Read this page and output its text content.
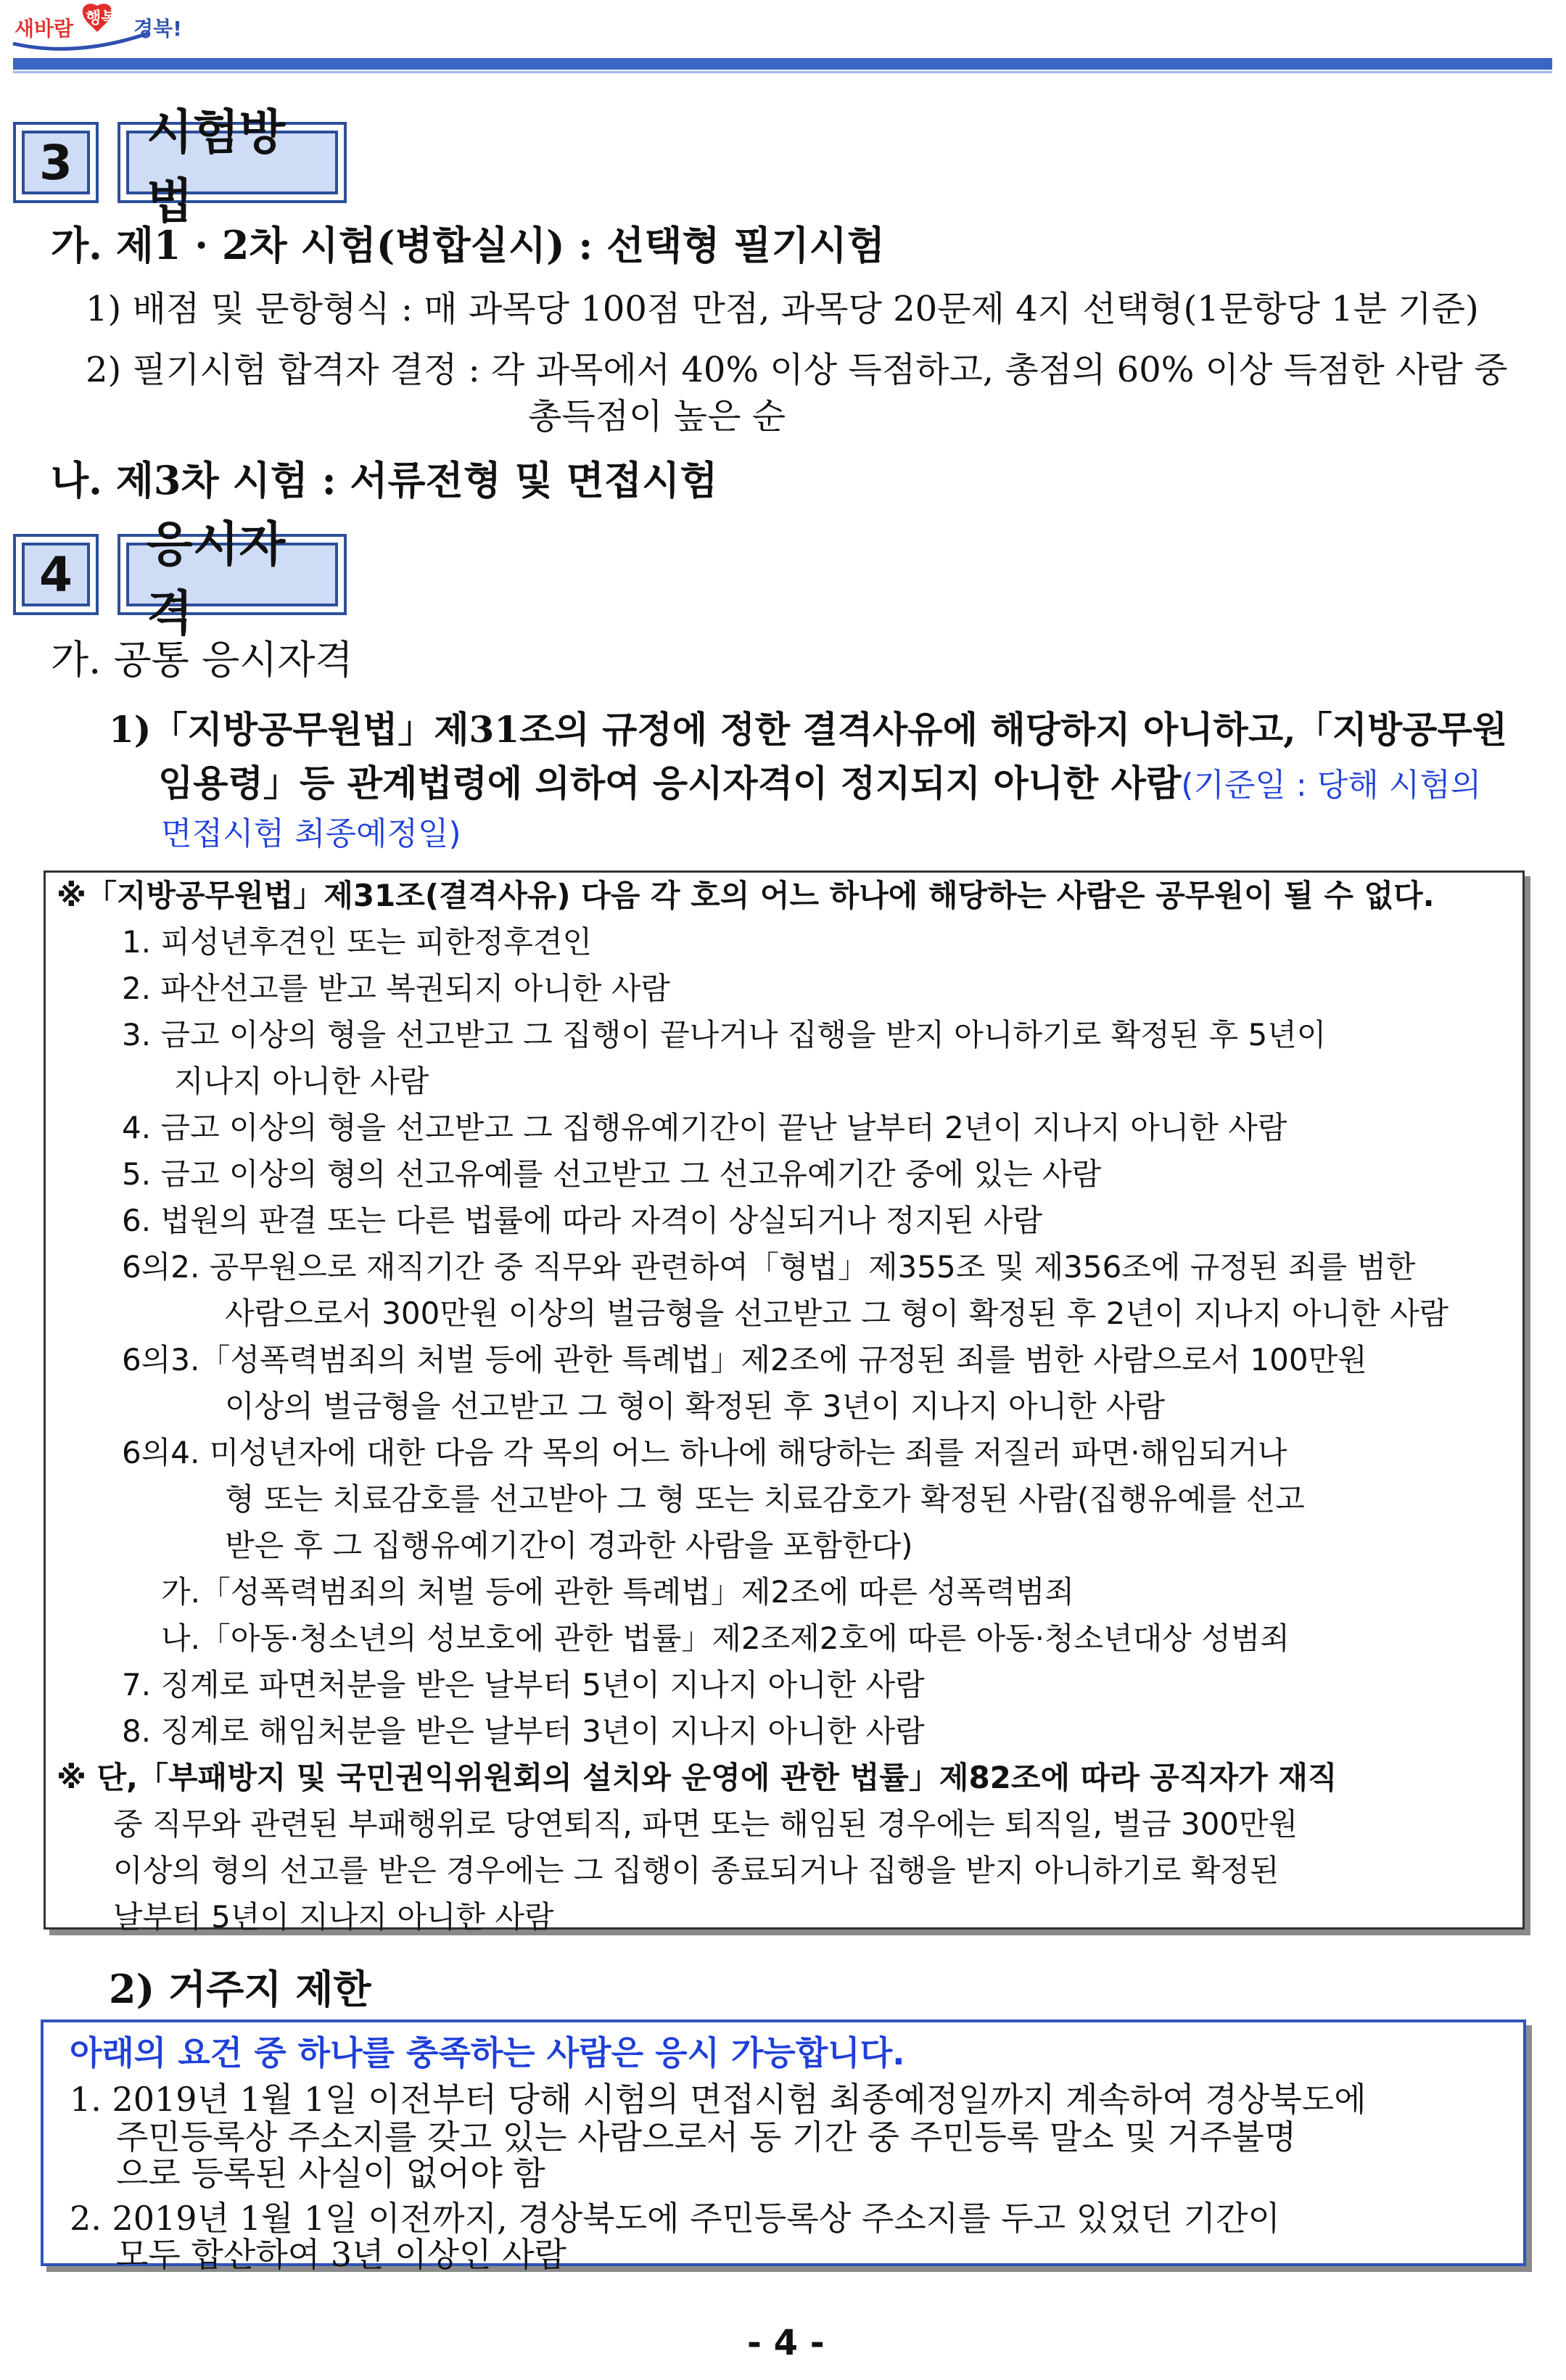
새바람 행복 경북!
3
시험방법
가. 제1 · 2차 시험(병합실시) : 선택형 필기시험
1) 배점 및 문항형식 : 매 과목당 100점 만점, 과목당 20문제 4지 선택형(1문항당 1분 기준)
2) 필기시험 합격자 결정 : 각 과목에서 40% 이상 득점하고, 총점의 60% 이상 득점한 사람 중
총득점이 높은 순
나. 제3차 시험 : 서류전형 및 면접시험
4
응시자격
가. 공통 응시자격
1)「지방공무원법」제31조의 규정에 정한 결격사유에 해당하지 아니하고,「지방공무원
임용령」등 관계법령에 의하여 응시자격이 정지되지 아니한 사람(기준일 : 당해 시험의
면접시험 최종예정일)
※「지방공무원법」제31조(결격사유) 다음 각 호의 어느 하나에 해당하는 사람은 공무원이 될 수 없다.
1. 피성년후견인 또는 피한정후견인
2. 파산선고를 받고 복권되지 아니한 사람
3. 금고 이상의 형을 선고받고 그 집행이 끝나거나 집행을 받지 아니하기로 확정된 후 5년이
지나지 아니한 사람
4. 금고 이상의 형을 선고받고 그 집행유예기간이 끝난 날부터 2년이 지나지 아니한 사람
5. 금고 이상의 형의 선고유예를 선고받고 그 선고유예기간 중에 있는 사람
6. 법원의 판결 또는 다른 법률에 따라 자격이 상실되거나 정지된 사람
6의2. 공무원으로 재직기간 중 직무와 관련하여「형법」제355조 및 제356조에 규정된 죄를 범한
사람으로서 300만원 이상의 벌금형을 선고받고 그 형이 확정된 후 2년이 지나지 아니한 사람
6의3.「성폭력범죄의 처벌 등에 관한 특례법」제2조에 규정된 죄를 범한 사람으로서 100만원
이상의 벌금형을 선고받고 그 형이 확정된 후 3년이 지나지 아니한 사람
6의4. 미성년자에 대한 다음 각 목의 어느 하나에 해당하는 죄를 저질러 파면·해임되거나
형 또는 치료감호를 선고받아 그 형 또는 치료감호가 확정된 사람(집행유예를 선고
받은 후 그 집행유예기간이 경과한 사람을 포함한다)
가.「성폭력범죄의 처벌 등에 관한 특례법」제2조에 따른 성폭력범죄
나.「아동·청소년의 성보호에 관한 법률」제2조제2호에 따른 아동·청소년대상 성범죄
7. 징계로 파면처분을 받은 날부터 5년이 지나지 아니한 사람
8. 징계로 해임처분을 받은 날부터 3년이 지나지 아니한 사람
※ 단,「부패방지 및 국민권익위원회의 설치와 운영에 관한 법률」제82조에 따라 공직자가 재직
중 직무와 관련된 부패행위로 당연퇴직, 파면 또는 해임된 경우에는 퇴직일, 벌금 300만원
이상의 형의 선고를 받은 경우에는 그 집행이 종료되거나 집행을 받지 아니하기로 확정된
날부터 5년이 지나지 아니한 사람
2) 거주지 제한
아래의 요건 중 하나를 충족하는 사람은 응시 가능합니다.
1. 2019년 1월 1일 이전부터 당해 시험의 면접시험 최종예정일까지 계속하여 경상북도에
주민등록상 주소지를 갖고 있는 사람으로서 동 기간 중 주민등록 말소 및 거주불명
으로 등록된 사실이 없어야 함
2. 2019년 1월 1일 이전까지, 경상북도에 주민등록상 주소지를 두고 있었던 기간이
모두 합산하여 3년 이상인 사람
- 4 -
